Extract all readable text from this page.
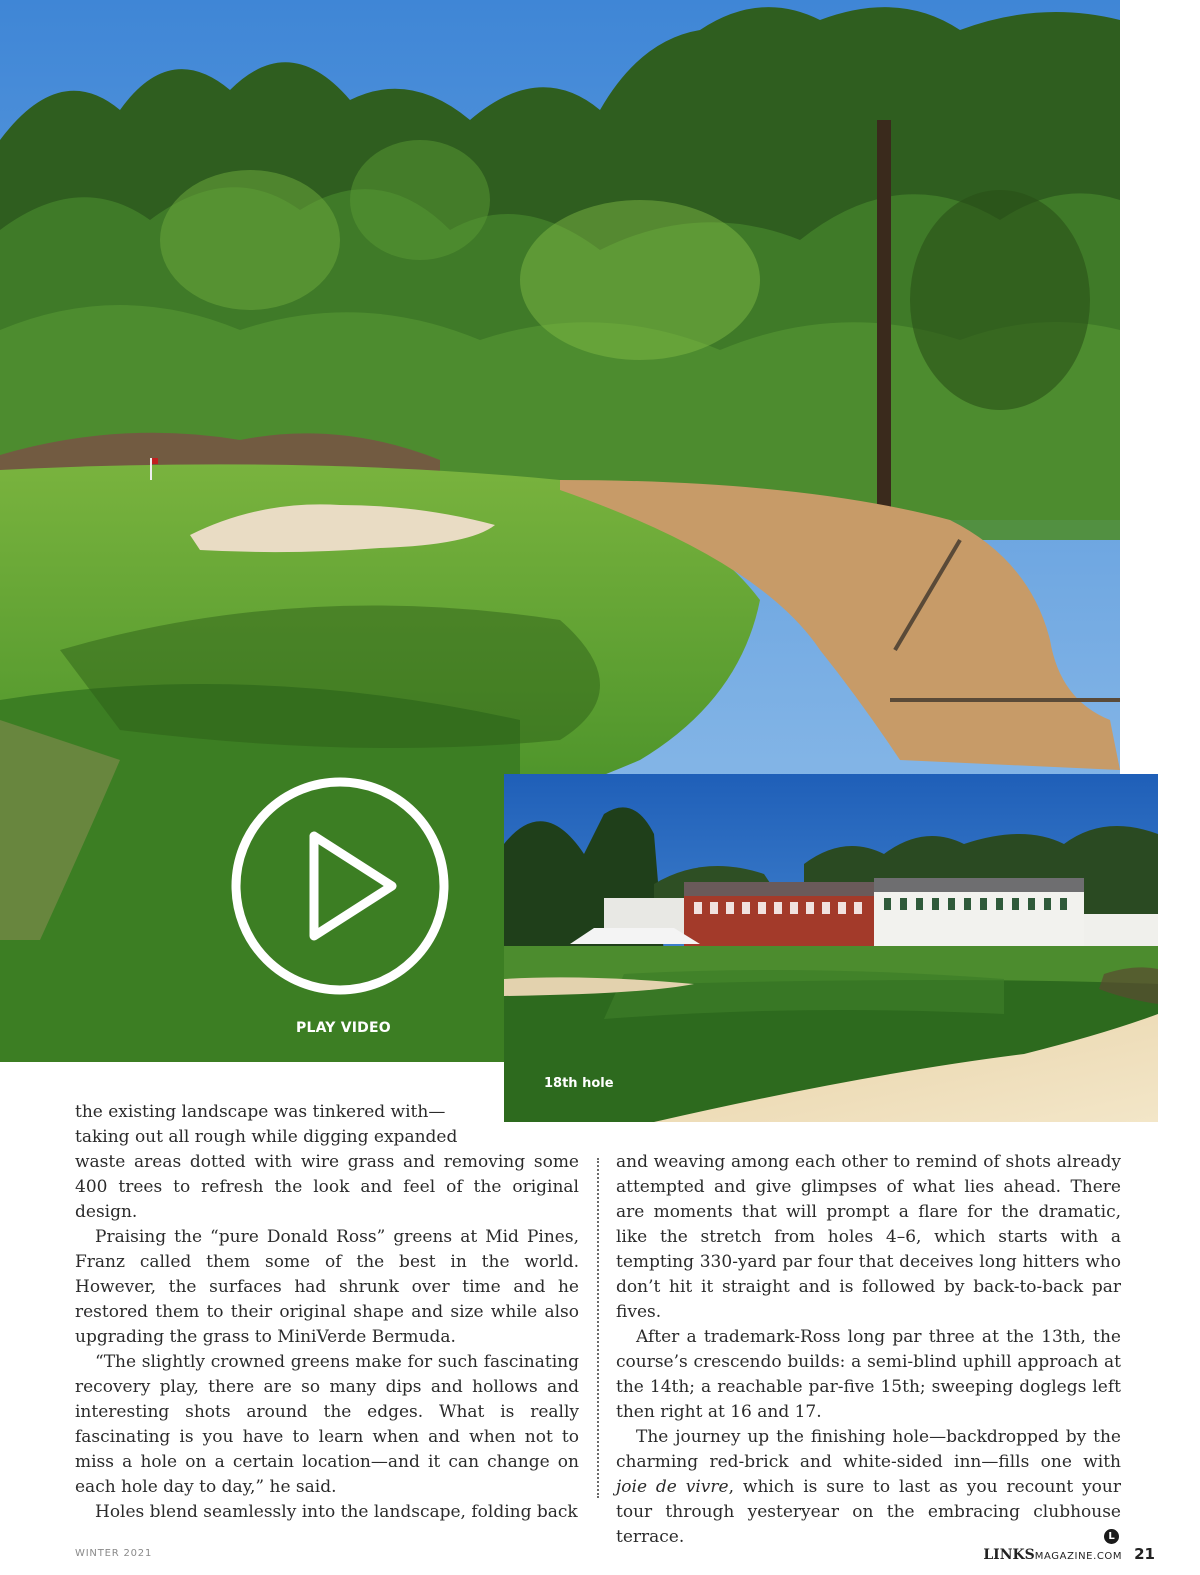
PLAY VIDEO
18th hole
the existing landscape was tinkered with— taking out all rough while digging expanded

waste areas dotted with wire grass and removing some 400 trees to refresh the look and feel of the original design.

Praising the “pure Donald Ross” greens at Mid Pines, Franz called them some of the best in the world. However, the surfaces had shrunk over time and he restored them to their original shape and size while also upgrading the grass to MiniVerde Bermuda.

“The slightly crowned greens make for such fascinating recovery play, there are so many dips and hollows and interesting shots around the edges. What is really fascinating is you have to learn when and when not to miss a hole on a certain location—and it can change on each hole day to day,” he said.

Holes blend seamlessly into the landscape, folding back

and weaving among each other to remind of shots already attempted and give glimpses of what lies ahead. There are moments that will prompt a flare for the dramatic, like the stretch from holes 4–6, which starts with a tempting 330-yard par four that deceives long hitters who don’t hit it straight and is followed by back-to-back par fives.

After a trademark-Ross long par three at the 13th, the course’s crescendo builds: a semi-blind uphill approach at the 14th; a reachable par-five 15th; sweeping doglegs left then right at 16 and 17.

The journey up the finishing hole—backdropped by the charming red-brick and white-sided inn—fills one with joie de vivre, which is sure to last as you recount your tour through yesteryear on the embracing clubhouse terrace.	L

WINTER 2021	LINKSMAGAZINE.COM 21
